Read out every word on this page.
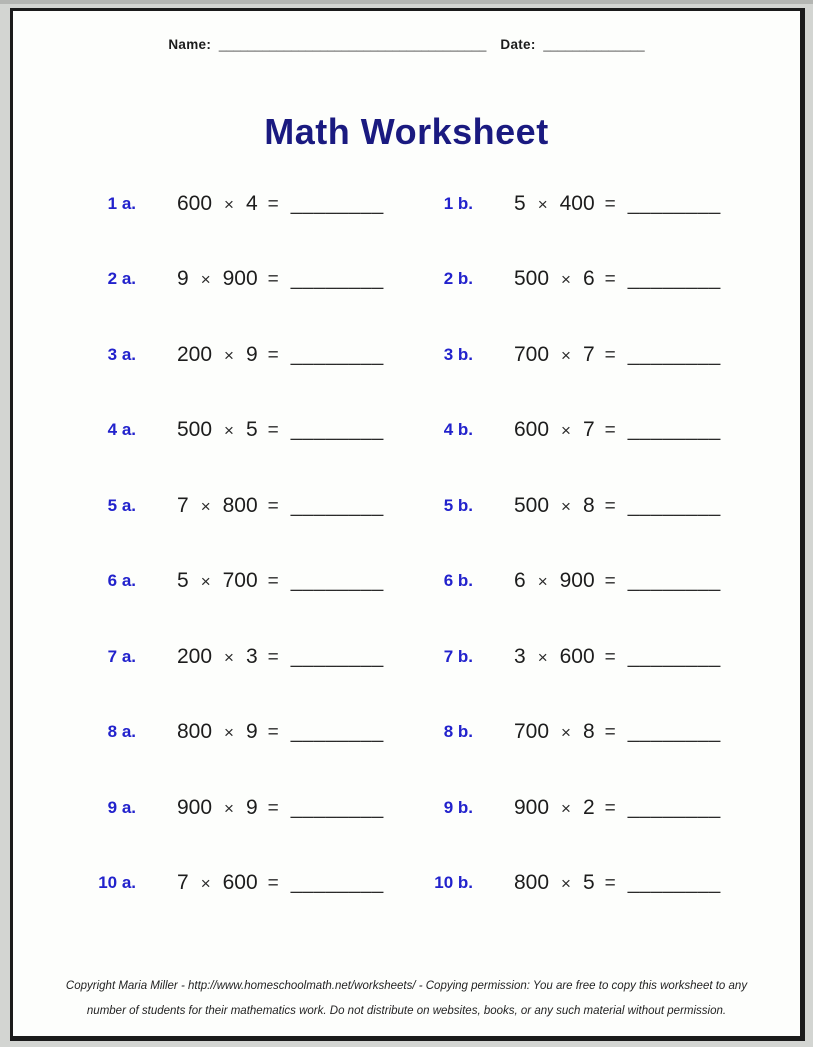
Name: _____________________________________ Date: ______________
Math Worksheet
1 a. 600 × 4 = ________	1 b. 5 × 400 = ________
2 a. 9 × 900 = ________	2 b. 500 × 6 = ________
3 a. 200 × 9 = ________	3 b. 700 × 7 = ________
4 a. 500 × 5 = ________	4 b. 600 × 7 = ________
5 a. 7 × 800 = ________	5 b. 500 × 8 = ________
6 a. 5 × 700 = ________	6 b. 6 × 900 = ________
7 a. 200 × 3 = ________	7 b. 3 × 600 = ________
8 a. 800 × 9 = ________	8 b. 700 × 8 = ________
9 a. 900 × 9 = ________	9 b. 900 × 2 = ________
10 a. 7 × 600 = ________	10 b. 800 × 5 = ________
Copyright Maria Miller - http://www.homeschoolmath.net/worksheets/ - Copying permission: You are free to copy this worksheet to any
number of students for their mathematics work. Do not distribute on websites, books, or any such material without permission.
